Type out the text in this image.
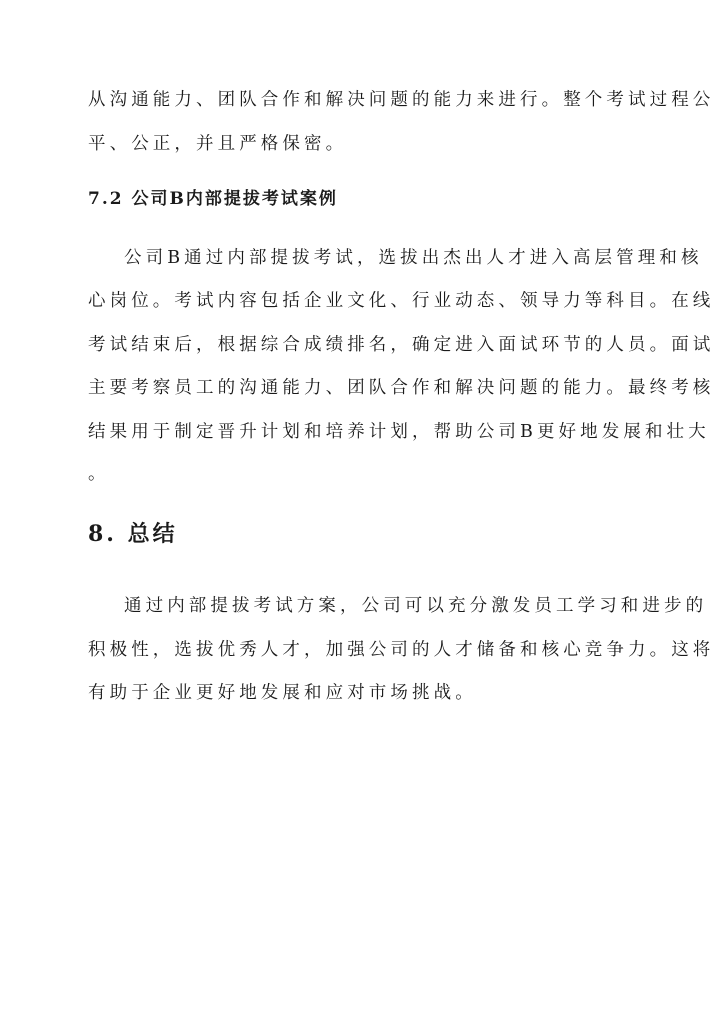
从沟通能力、团队合作和解决问题的能力来进行。整个考试过程公
平、公正，并且严格保密。
7.2 公司B内部提拔考试案例
公司B通过内部提拔考试，选拔出杰出人才进入高层管理和核
心岗位。考试内容包括企业文化、行业动态、领导力等科目。在线
考试结束后，根据综合成绩排名，确定进入面试环节的人员。面试
主要考察员工的沟通能力、团队合作和解决问题的能力。最终考核
结果用于制定晋升计划和培养计划，帮助公司B更好地发展和壮大
。
8. 总结
通过内部提拔考试方案，公司可以充分激发员工学习和进步的
积极性，选拔优秀人才，加强公司的人才储备和核心竞争力。这将
有助于企业更好地发展和应对市场挑战。
